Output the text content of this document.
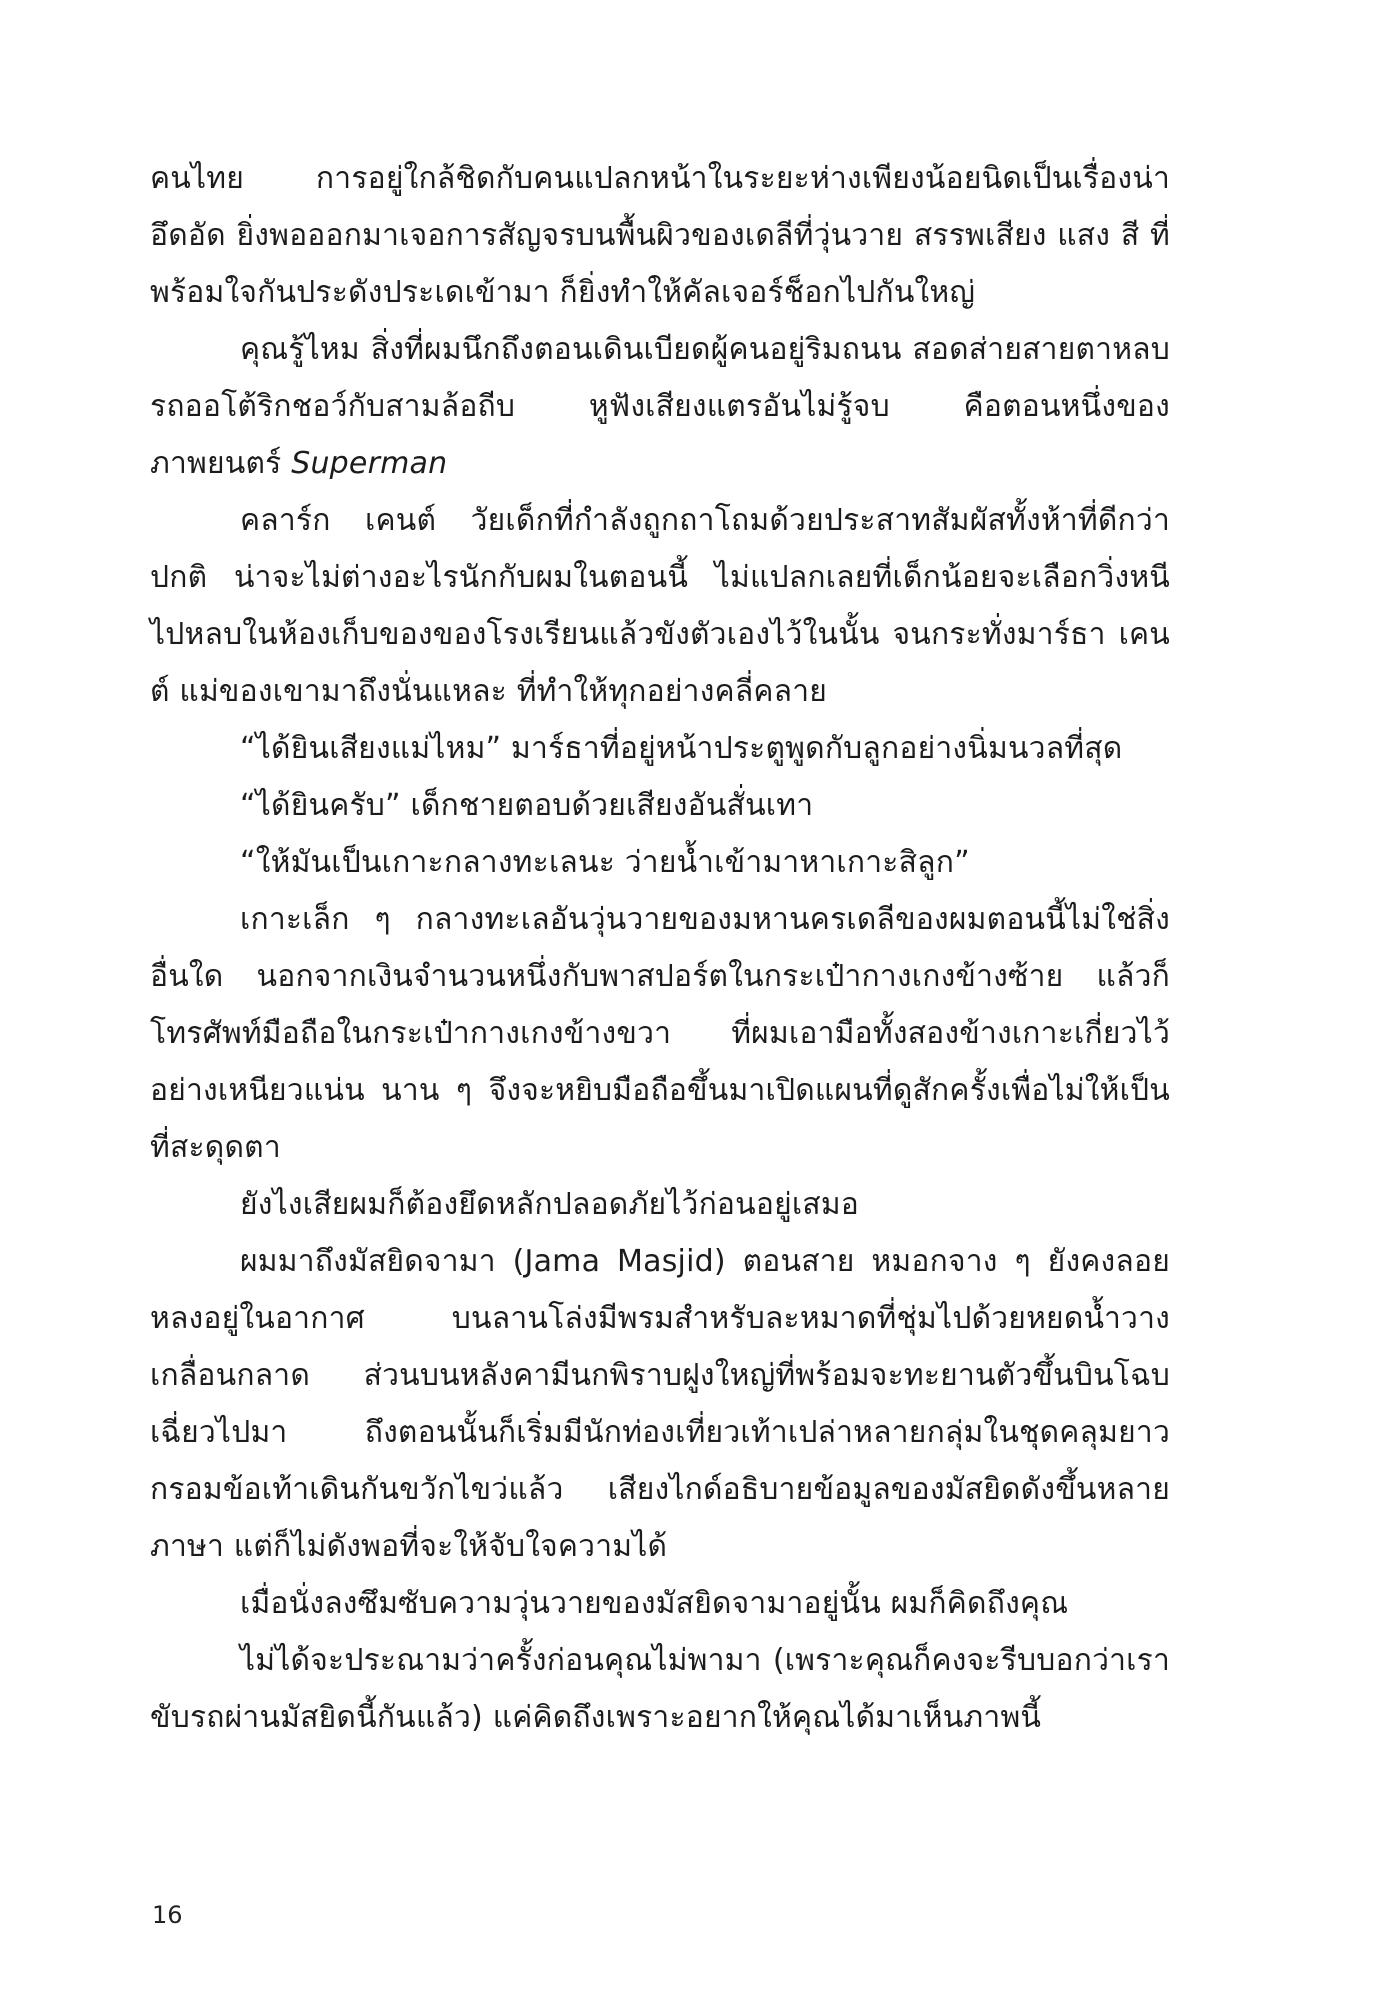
คนไทย การอยู่ใกล้ชิดกับคนแปลกหน้าในระยะห่างเพียงน้อยนิดเป็นเรื่องน่าอึดอัด ยิ่งพอออกมาเจอการสัญจรบนพื้นผิวของเดลีที่วุ่นวาย สรรพเสียง แสง สี ที่พร้อมใจกันประดังประเดเข้ามา ก็ยิ่งทำให้คัลเจอร์ช็อกไปกันใหญ่

คุณรู้ไหม สิ่งที่ผมนึกถึงตอนเดินเบียดผู้คนอยู่ริมถนน สอดส่ายสายตาหลบรถออโต้ริกชอว์กับสามล้อถีบ หูฟังเสียงแตรอันไม่รู้จบ คือตอนหนึ่งของภาพยนตร์ Superman

คลาร์ก เคนต์ วัยเด็กที่กำลังถูกถาโถมด้วยประสาทสัมผัสทั้งห้าที่ดีกว่าปกติ น่าจะไม่ต่างอะไรนักกับผมในตอนนี้ ไม่แปลกเลยที่เด็กน้อยจะเลือกวิ่งหนีไปหลบในห้องเก็บของของโรงเรียนแล้วขังตัวเองไว้ในนั้น จนกระทั่งมาร์ธา เคนต์ แม่ของเขามาถึงนั่นแหละ ที่ทำให้ทุกอย่างคลี่คลาย

“ได้ยินเสียงแม่ไหม” มาร์ธาที่อยู่หน้าประตูพูดกับลูกอย่างนิ่มนวลที่สุด

“ได้ยินครับ” เด็กชายตอบด้วยเสียงอันสั่นเทา

“ให้มันเป็นเกาะกลางทะเลนะ ว่ายน้ำเข้ามาหาเกาะสิลูก”

เกาะเล็ก ๆ กลางทะเลอันวุ่นวายของมหานครเดลีของผมตอนนี้ไม่ใช่สิ่งอื่นใด นอกจากเงินจำนวนหนึ่งกับพาสปอร์ตในกระเป๋ากางเกงข้างซ้าย แล้วก็โทรศัพท์มือถือในกระเป๋ากางเกงข้างขวา ที่ผมเอามือทั้งสองข้างเกาะเกี่ยวไว้อย่างเหนียวแน่น นาน ๆ จึงจะหยิบมือถือขึ้นมาเปิดแผนที่ดูสักครั้งเพื่อไม่ให้เป็นที่สะดุดตา

ยังไงเสียผมก็ต้องยึดหลักปลอดภัยไว้ก่อนอยู่เสมอ

ผมมาถึงมัสยิดจามา (Jama Masjid) ตอนสาย หมอกจาง ๆ ยังคงลอยหลงอยู่ในอากาศ บนลานโล่งมีพรมสำหรับละหมาดที่ชุ่มไปด้วยหยดน้ำวางเกลื่อนกลาด ส่วนบนหลังคามีนกพิราบฝูงใหญ่ที่พร้อมจะทะยานตัวขึ้นบินโฉบเฉี่ยวไปมา ถึงตอนนั้นก็เริ่มมีนักท่องเที่ยวเท้าเปล่าหลายกลุ่มในชุดคลุมยาวกรอมข้อเท้าเดินกันขวักไขว่แล้ว เสียงไกด์อธิบายข้อมูลของมัสยิดดังขึ้นหลายภาษา แต่ก็ไม่ดังพอที่จะให้จับใจความได้

เมื่อนั่งลงซึมซับความวุ่นวายของมัสยิดจามาอยู่นั้น ผมก็คิดถึงคุณ

ไม่ได้จะประณามว่าครั้งก่อนคุณไม่พามา (เพราะคุณก็คงจะรีบบอกว่าเราขับรถผ่านมัสยิดนี้กันแล้ว) แค่คิดถึงเพราะอยากให้คุณได้มาเห็นภาพนี้

16
